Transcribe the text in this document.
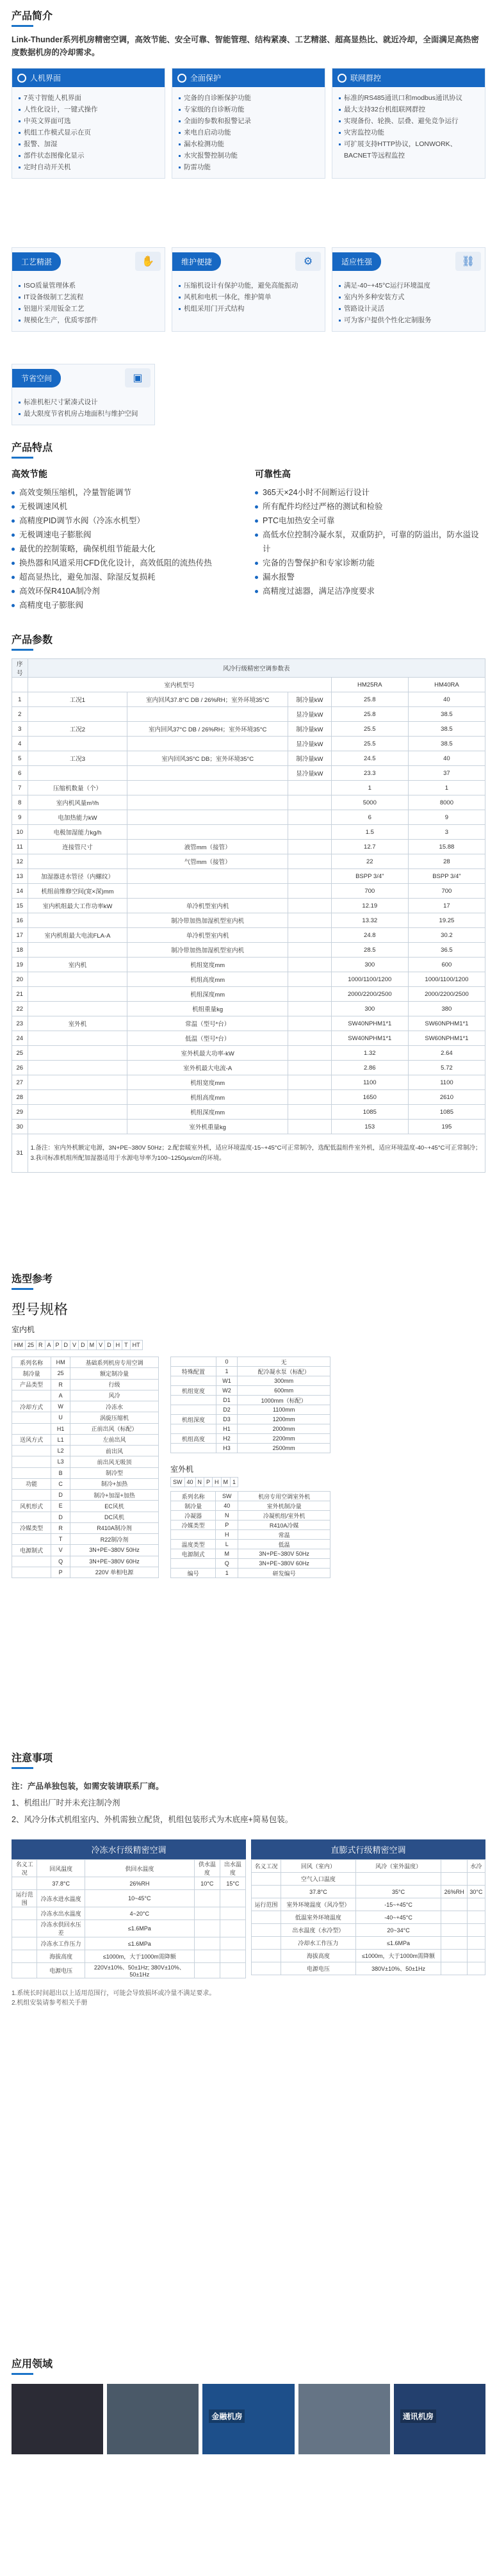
产品简介
Link-Thunder系列机房精密空调，高效节能、安全可靠、智能管理、结构紧凑、工艺精湛、超高显热比、就近冷却，全面满足高热密度数据机房的冷却需求。
人机界面
7英寸智能人机界面
人性化设计，一键式操作
中英文界面可选
机组工作模式显示在页
报警、加湿
部件状态图像化显示
定时自动开关机
全面保护
完备的自诊断保护功能
专家级的自诊断功能
全面的参数和报警记录
来电自启动功能
漏水检测功能
水灾报警控制功能
防雷功能
联网群控
标准的RS485通讯口和modbus通讯协议
最大支持32台机组联网群控
实现备份、轮换、层叠、避免竞争运行
灾害监控功能
可扩展支持HTTP协议，LONWORK、BACNET等远程监控
工艺精湛	✋
ISO质量管理体系
IT设备级制工艺流程
铝翅片采用钣金工艺
规模化生产，优质零部件
维护便捷	⚙
压缩机设计有保护功能，避免高能振动
风机和电机一体化，维护简单
机组采用门开式结构
适应性强	⛓
满足-40~+45°C运行环境温度
室内外多种安装方式
管路设计灵活
可为客户提供个性化定制服务
节省空间	▣
标准机柜尺寸紧凑式设计
最大限度节省机房占地面积与维护空间
产品特点
高效节能
高效变频压缩机，冷量智能调节
无极调速风机
高精度PID调节水阀（冷冻水机型）
无极调速电子膨胀阀
最优的控制策略，确保机组节能最大化
换热器和风道采用CFD优化设计，高效低阻的流热传热
超高显热比，避免加湿、除湿反复损耗
高效环保R410A制冷剂
高精度电子膨胀阀
可靠性高
365天×24小时不间断运行设计
所有配件均经过严格的测试和检验
PTC电加热安全可靠
高低水位控制冷凝水泵，双重防护，可靠的防溢出，防水溢设计
完备的告警保护和专家诊断功能
漏水报警
高精度过滤器，满足洁净度要求
产品参数
序号	风冷行级精密空调参数表				
	室内机型号			HM25RA	HM40RA
1	工况1	室内回风37.8°C DB / 26%RH；室外环境35°C	制冷量kW	25.8	40
2			显冷量kW	25.8	38.5
3	工况2	室内回风37°C DB / 26%RH；室外环境35°C	制冷量kW	25.5	38.5
4			显冷量kW	25.5	38.5
5	工况3	室内回风35°C DB；室外环境35°C	制冷量kW	24.5	40
6			显冷量kW	23.3	37
7	压缩机数量（个）			1	1
8	室内机风量m³/h			5000	8000
9	电加热能力kW			6	9
10	电极加湿能力kg/h			1.5	3
11	连接管尺寸	液管mm（接管）		12.7	15.88
12		气管mm（接管）		22	28
13	加湿器进水管径（内螺纹）			BSPP 3/4"	BSPP 3/4"
14	机组前维修空间(宽×深)mm			700	700
15	室内机组最大工作功率kW	单冷机型室内机		12.19	17
16		制冷带加热加湿机型室内机		13.32	19.25
17	室内机组最大电流FLA-A	单冷机型室内机		24.8	30.2
18		制冷带加热加湿机型室内机		28.5	36.5
19	室内机	机组宽度mm		300	600
20		机组高度mm		1000/1100/1200	1000/1100/1200
21		机组深度mm		2000/2200/2500	2000/2200/2500
22		机组重量kg		300	380
23	室外机	常温（型号*台）		SW40NPHM1*1	SW60NPHM1*1
24		低温（型号*台）		SW40NPHM1*1	SW60NPHM1*1
25		室外机最大功率-kW		1.32	2.64
26		室外机最大电流-A		2.86	5.72
27		机组宽度mm		1100	1100
28		机组高度mm		1650	2610
29		机组深度mm		1085	1085
30		室外机重量kg		153	195
31	1.备注：室内外机额定电源，3N+PE~380V 50Hz；2.配套暖室外机，适应环境温度-15~+45°C可正常制冷，选配低温组件室外机，适应环境温度-40~+45°C可正常制冷；3.我司标准机组所配加湿器适用于水源电导率为100~1250μs/cm的环境。				
选型参考
型号规格
室内机
HM	25	R	A	P	D	V	D	M	V	D	H	T	HT
系列名称	HM	基础系列机房专用空调
制冷量	25	额定制冷量
产品类型	R	行级
	A	风冷
冷却方式	W	冷冻水
	U	涡旋压缩机
	H1	正前出风（标配）
送风方式	L1	左前出风
	L2	前出风
	L3	前出风无吸顶
	B	制冷型
功能	C	制冷+加热
	D	制冷+加湿+加热
风机形式	E	EC风机
	D	DC风机
冷媒类型	R	R410A制冷剂
	T	R22制冷剂
电源制式	V	3N+PE~380V 50Hz
	Q	3N+PE~380V 60Hz
	P	220V 单相电源
	0	无
特殊配置	1	配冷凝水泵（标配）
	W1	300mm
机组宽度	W2	600mm
	D1	1000mm（标配）
	D2	1100mm
机组深度	D3	1200mm
	H1	2000mm
机组高度	H2	2200mm
	H3	2500mm
室外机
SW	40	N	P	H	M	1
系列名称	SW	机房专用空调室外机
制冷量	40	室外机制冷量
冷凝器	N	冷凝机组/室外机
冷媒类型	P	R410A冷媒
	H	常温
温度类型	L	低温
电源制式	M	3N+PE~380V 50Hz
	Q	3N+PE~380V 60Hz
编号	1	研发编号
注意事项
注：产品单独包装，如需安装请联系厂商。
1、机组出厂时并未充注制冷剂
2、风冷分体式机组室内、外机需独立配货，机组包装形式为木底座+简易包装。
冷冻水行级精密空调
名义工况	回风温度	供回水温度	供水温度	出水温度
	37.8°C	26%RH	10°C	15°C
运行范围	冷冻水进水温度	10~45°C		
	冷冻水出水温度	4~20°C		
	冷冻水供回水压差	≤1.6MPa		
	冷冻水工作压力	≤1.6MPa		
	海拔高度	≤1000m，大于1000m需降额		
	电源电压	220V±10%、50±1Hz; 380V±10%、50±1Hz		
直膨式行级精密空调
名义工况	回风（室内）	风冷（室外温度）		水冷
	空气入口温度			
	37.8°C	35°C	26%RH	30°C
运行范围	室外环境温度（风冷型）	-15~+45°C		
	低温室外环境温度	-40~+45°C		
	出水温度（水冷型）	20~34°C		
	冷却水工作压力	≤1.6MPa		
	海拔高度	≤1000m，大于1000m需降额		
	电源电压	380V±10%、50±1Hz		
1.系统长时间超出以上适用范围行，可能会导致损坏或冷量不满足要求。
2.机组安装请参考相关手册
应用领域
金融机房	通讯机房
